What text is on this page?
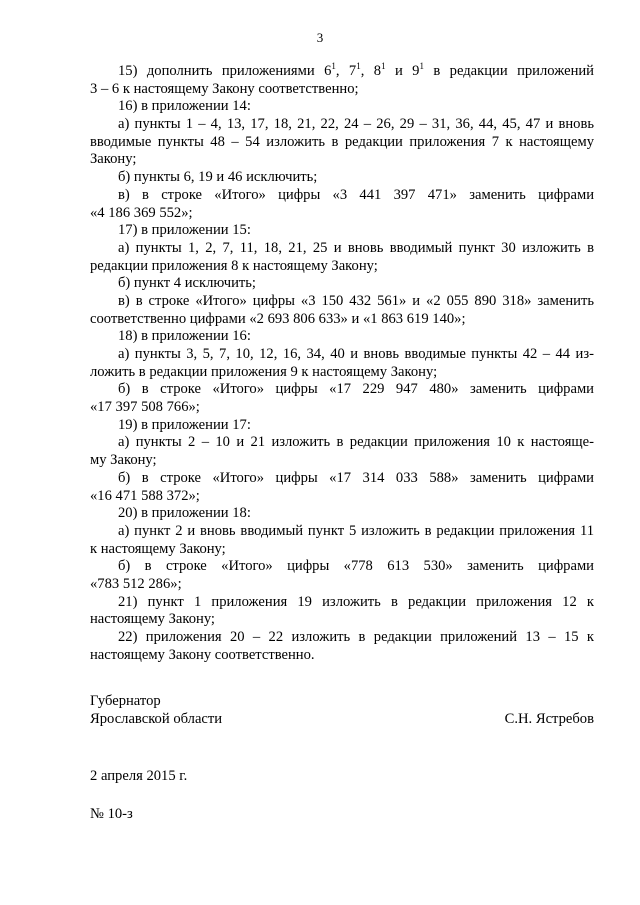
3
15) дополнить приложениями $6^1$, $7^1$, $8^1$ и $9^1$ в редакции приложений
3 – 6 к настоящему Закону соответственно;
16) в приложении 14:
а) пункты 1 – 4, 13, 17, 18, 21, 22, 24 – 26, 29 – 31, 36, 44, 45, 47 и вновь
вводимые пункты 48 – 54 изложить в редакции приложения 7 к настоящему
Закону;
б) пункты 6, 19 и 46 исключить;
в) в строке «Итого» цифры «3 441 397 471» заменить цифрами
«4 186 369 552»;
17) в приложении 15:
а) пункты 1, 2, 7, 11, 18, 21, 25 и вновь вводимый пункт 30 изложить в
редакции приложения 8 к настоящему Закону;
б) пункт 4 исключить;
в) в строке «Итого» цифры «3 150 432 561» и «2 055 890 318» заменить
соответственно цифрами «2 693 806 633» и «1 863 619 140»;
18) в приложении 16:
а) пункты 3, 5, 7, 10, 12, 16, 34, 40 и вновь вводимые пункты 42 – 44 из-
ложить в редакции приложения 9 к настоящему Закону;
б) в строке «Итого» цифры «17 229 947 480» заменить цифрами
«17 397 508 766»;
19) в приложении 17:
а) пункты 2 – 10 и 21 изложить в редакции приложения 10 к настояще-
му Закону;
б) в строке «Итого» цифры «17 314 033 588» заменить цифрами
«16 471 588 372»;
20) в приложении 18:
а) пункт 2 и вновь вводимый пункт 5 изложить в редакции приложения 11
к настоящему Закону;
б) в строке «Итого» цифры «778 613 530» заменить цифрами
«783 512 286»;
21) пункт 1 приложения 19 изложить в редакции приложения 12 к
настоящему Закону;
22) приложения 20 – 22 изложить в редакции приложений 13 – 15 к
настоящему Закону соответственно.
Губернатор
Ярославской области	С.Н. Ястребов
2 апреля 2015 г.
№ 10-з
